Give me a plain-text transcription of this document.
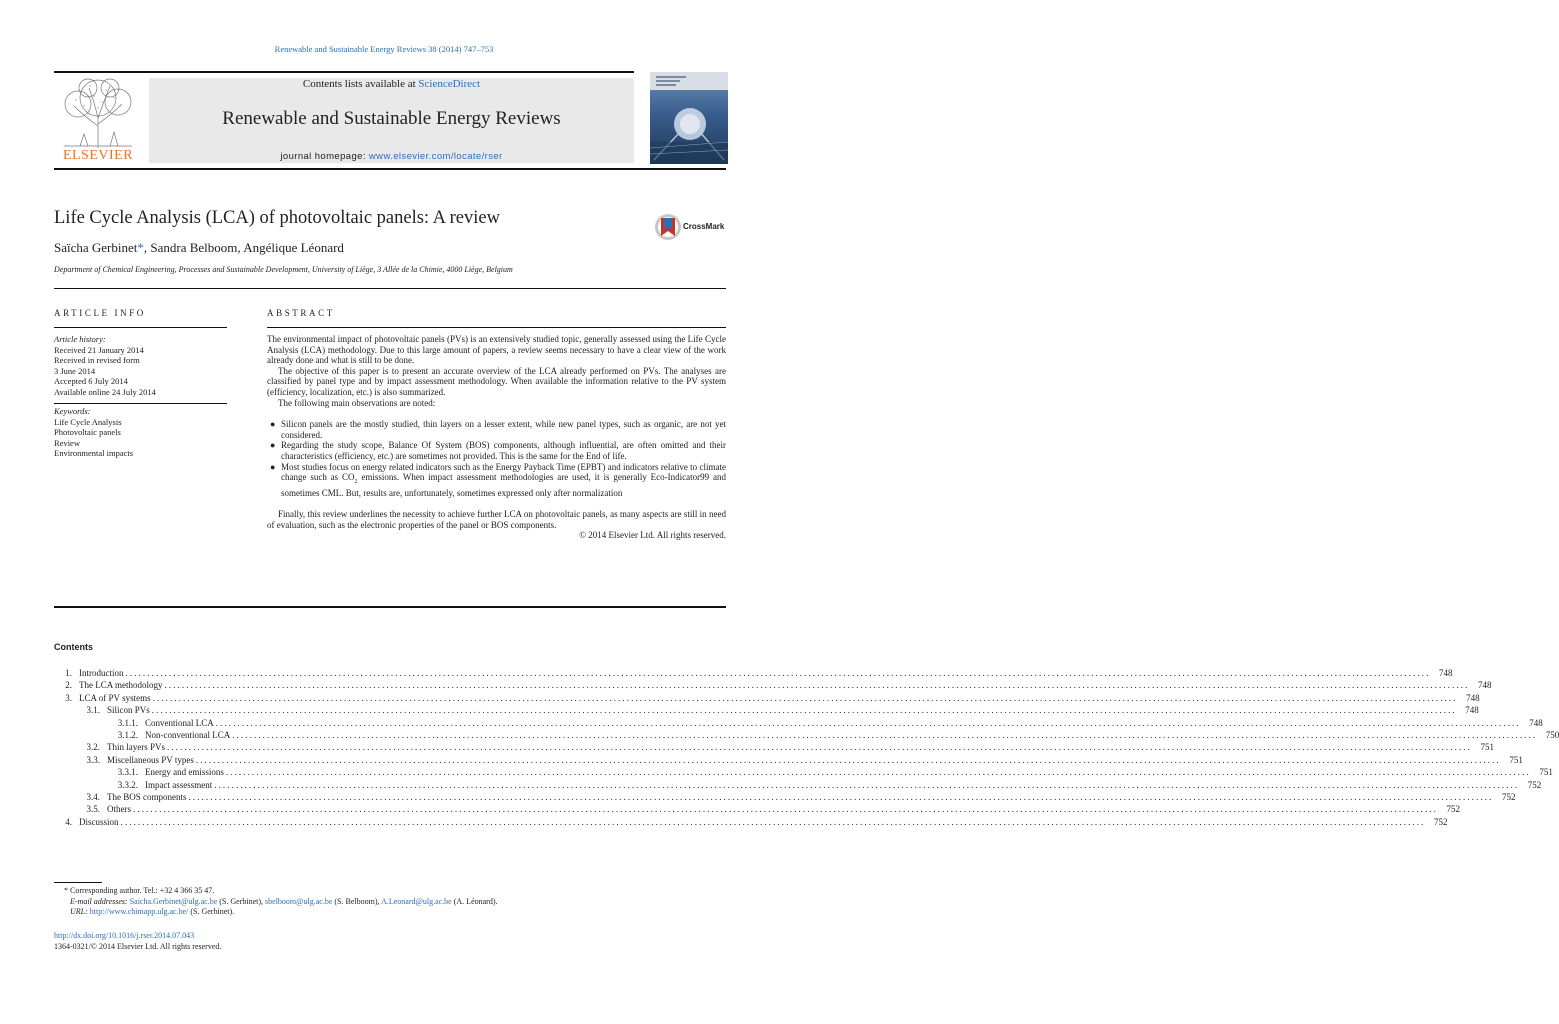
Renewable and Sustainable Energy Reviews 38 (2014) 747–753
ELSEVIER
Contents lists available at ScienceDirect
Renewable and Sustainable Energy Reviews
journal homepage: www.elsevier.com/locate/rser
Life Cycle Analysis (LCA) of photovoltaic panels: A review
Saïcha Gerbinet*, Sandra Belboom, Angélique Léonard
Department of Chemical Engineering, Processes and Sustainable Development, University of Liège, 3 Allée de la Chimie, 4000 Liège, Belgium
CrossMark
ARTICLE INFO
Article history:
Received 21 January 2014
Received in revised form
3 June 2014
Accepted 6 July 2014
Available online 24 July 2014
Keywords:
Life Cycle Analysis
Photovoltaic panels
Review
Environmental impacts
ABSTRACT

The environmental impact of photovoltaic panels (PVs) is an extensively studied topic, generally assessed using the Life Cycle Analysis (LCA) methodology. Due to this large amount of papers, a review seems necessary to have a clear view of the work already done and what is still to be done.

The objective of this paper is to present an accurate overview of the LCA already performed on PVs. The analyses are classified by panel type and by impact assessment methodology. When available the information relative to the PV system (efficiency, localization, etc.) is also summarized.

The following main observations are noted:

● Silicon panels are the mostly studied, thin layers on a lesser extent, while new panel types, such as organic, are not yet considered.
● Regarding the study scope, Balance Of System (BOS) components, although influential, are often omitted and their characteristics (efficiency, etc.) are sometimes not provided. This is the same for the End of life.
● Most studies focus on energy related indicators such as the Energy Payback Time (EPBT) and indicators relative to climate change such as $CO_2$ emissions. When impact assessment methodologies are used, it is generally Eco-Indicator99 and sometimes CML. But, results are, unfortunately, sometimes expressed only after normalization

Finally, this review underlines the necessity to achieve further LCA on photovoltaic panels, as many aspects are still in need of evaluation, such as the electronic properties of the panel or BOS components.

© 2014 Elsevier Ltd. All rights reserved.

Contents
1. Introduction ............................................................................................................................................................................................................................................................................................................ 748
2. The LCA methodology ............................................................................................................................................................................................................................................................................................................ 748
3. LCA of PV systems ............................................................................................................................................................................................................................................................................................................ 748
3.1. Silicon PVs ............................................................................................................................................................................................................................................................................................................ 748
3.1.1. Conventional LCA ............................................................................................................................................................................................................................................................................................................ 748
3.1.2. Non-conventional LCA ............................................................................................................................................................................................................................................................................................................ 750
3.2. Thin layers PVs ............................................................................................................................................................................................................................................................................................................ 751
3.3. Miscellaneous PV types ............................................................................................................................................................................................................................................................................................................ 751
3.3.1. Energy and emissions ............................................................................................................................................................................................................................................................................................................ 751
3.3.2. Impact assessment ............................................................................................................................................................................................................................................................................................................ 752
3.4. The BOS components ............................................................................................................................................................................................................................................................................................................ 752
3.5. Others ............................................................................................................................................................................................................................................................................................................ 752
4. Discussion ............................................................................................................................................................................................................................................................................................................ 752
* Corresponding author. Tel.: +32 4 366 35 47.
E-mail addresses: Saicha.Gerbinet@ulg.ac.be (S. Gerbinet), sbelboom@ulg.ac.be (S. Belboom), A.Leonard@ulg.ac.be (A. Léonard).
URL: http://www.chimapp.ulg.ac.be/ (S. Gerbinet).
http://dx.doi.org/10.1016/j.rser.2014.07.043
1364-0321/© 2014 Elsevier Ltd. All rights reserved.
